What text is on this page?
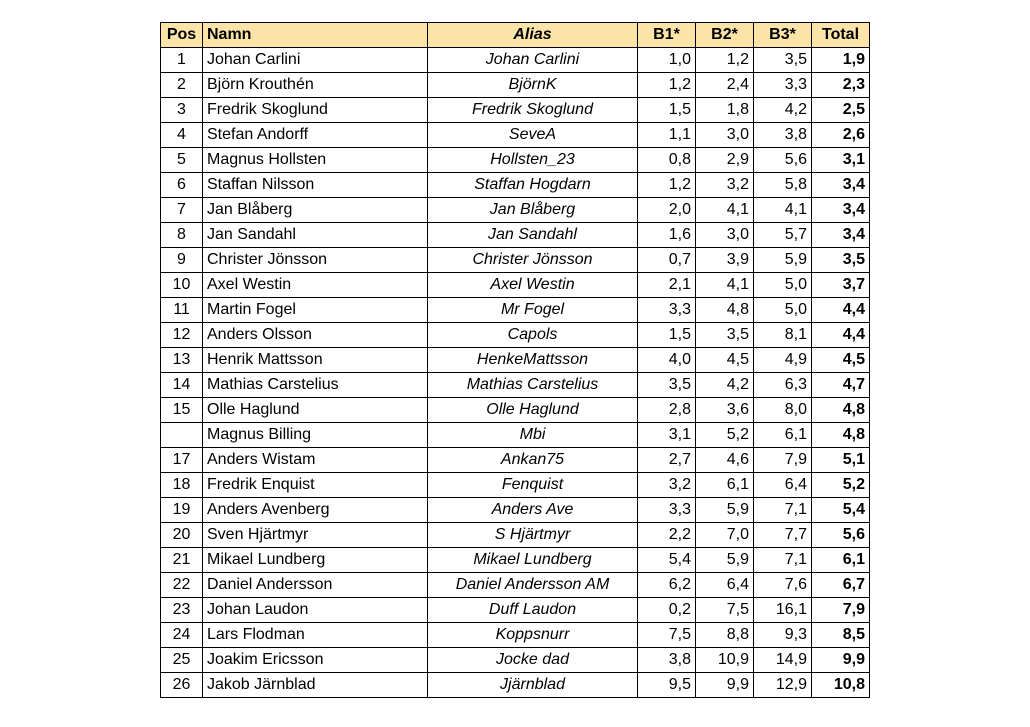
Pos	Namn	Alias	B1*	B2*	B3*	Total
1	Johan Carlini	Johan Carlini	1,0	1,2	3,5	1,9
2	Björn Krouthén	BjörnK	1,2	2,4	3,3	2,3
3	Fredrik Skoglund	Fredrik Skoglund	1,5	1,8	4,2	2,5
4	Stefan Andorff	SeveA	1,1	3,0	3,8	2,6
5	Magnus Hollsten	Hollsten_23	0,8	2,9	5,6	3,1
6	Staffan Nilsson	Staffan Hogdarn	1,2	3,2	5,8	3,4
7	Jan Blåberg	Jan Blåberg	2,0	4,1	4,1	3,4
8	Jan Sandahl	Jan Sandahl	1,6	3,0	5,7	3,4
9	Christer Jönsson	Christer Jönsson	0,7	3,9	5,9	3,5
10	Axel Westin	Axel Westin	2,1	4,1	5,0	3,7
11	Martin Fogel	Mr Fogel	3,3	4,8	5,0	4,4
12	Anders Olsson	Capols	1,5	3,5	8,1	4,4
13	Henrik Mattsson	HenkeMattsson	4,0	4,5	4,9	4,5
14	Mathias Carstelius	Mathias Carstelius	3,5	4,2	6,3	4,7
15	Olle Haglund	Olle Haglund	2,8	3,6	8,0	4,8
	Magnus Billing	Mbi	3,1	5,2	6,1	4,8
17	Anders Wistam	Ankan75	2,7	4,6	7,9	5,1
18	Fredrik Enquist	Fenquist	3,2	6,1	6,4	5,2
19	Anders Avenberg	Anders Ave	3,3	5,9	7,1	5,4
20	Sven Hjärtmyr	S Hjärtmyr	2,2	7,0	7,7	5,6
21	Mikael Lundberg	Mikael Lundberg	5,4	5,9	7,1	6,1
22	Daniel Andersson	Daniel Andersson AM	6,2	6,4	7,6	6,7
23	Johan Laudon	Duff Laudon	0,2	7,5	16,1	7,9
24	Lars Flodman	Koppsnurr	7,5	8,8	9,3	8,5
25	Joakim Ericsson	Jocke dad	3,8	10,9	14,9	9,9
26	Jakob Järnblad	Jjärnblad	9,5	9,9	12,9	10,8
